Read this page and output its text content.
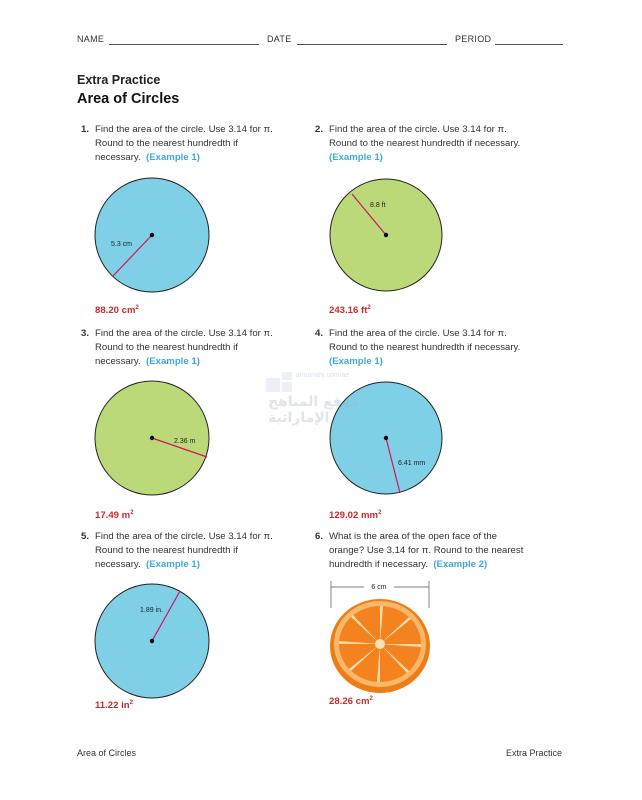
NAME	DATE	PERIOD
Extra Practice
Area of Circles
1. Find the area of the circle. Use 3.14 for π.
Round to the nearest hundredth if
necessary. (Example 1)
2. Find the area of the circle. Use 3.14 for π.
Round to the nearest hundredth if necessary.
(Example 1)
3. Find the area of the circle. Use 3.14 for π.
Round to the nearest hundredth if
necessary. (Example 1)
4. Find the area of the circle. Use 3.14 for π.
Round to the nearest hundredth if necessary.
(Example 1)
5. Find the area of the circle. Use 3.14 for π.
Round to the nearest hundredth if
necessary. (Example 1)
6. What is the area of the open face of the
orange? Use 3.14 for π. Round to the nearest
hundredth if necessary. (Example 2)
5.3 cm
8.8 ft
2.36 m
6.41 mm
1.89 in.
6 cm
88.20 $cm^2$	243.16 $ft^2$
17.49 $m^2$	129.02 $mm^2$
11.22 $in^2$	28.26 $cm^2$
almanahj.com/ae
موقع المناهج الإماراتية
Area of Circles	Extra Practice
